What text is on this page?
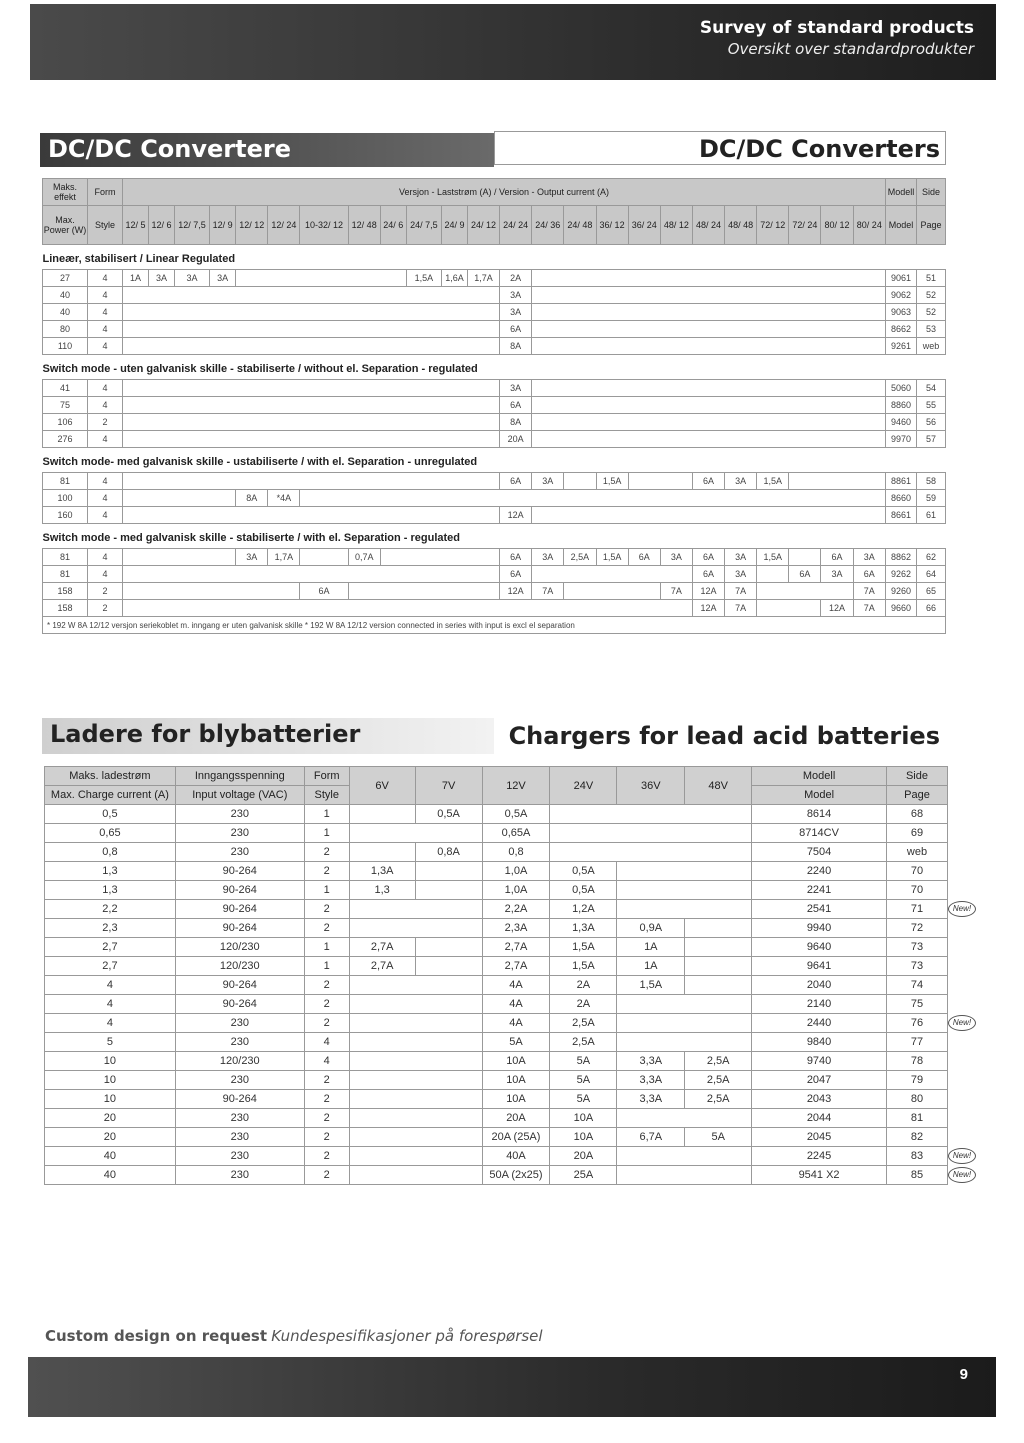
Survey of standard products
Oversikt over standardprodukter
DC/DC Convertere	DC/DC Converters
Maks. effekt	Form	Versjon - Laststrøm (A) / Version - Output current (A)																								Modell	Side
Max. Power (W)	Style	12/ 5	12/ 6	12/ 7,5	12/ 9	12/ 12	12/ 24	10-32/ 12	12/ 48	24/ 6	24/ 7,5	24/ 9	24/ 12	24/ 24	24/ 36	24/ 48	36/ 12	36/ 24	48/ 12	48/ 24	48/ 48	72/ 12	72/ 24	80/ 12	80/ 24	Model	Page
Lineær, stabilisert / Linear Regulated																											
27	4	1A	3A	3A	3A						1,5A	1,6A	1,7A	2A												9061	51
40	4													3A												9062	52
40	4													3A												9063	52
80	4													6A												8662	53
110	4													8A												9261	web
Switch mode - uten galvanisk skille - stabiliserte / without el. Separation - regulated																											
41	4													3A												5060	54
75	4													6A												8860	55
106	2													8A												9460	56
276	4													20A												9970	57
Switch mode- med galvanisk skille - ustabiliserte / with el. Separation - unregulated																											
81	4													6A	3A		1,5A			6A	3A	1,5A				8861	58
100	4					8A	*4A																			8660	59
160	4													12A												8661	61
Switch mode - med galvanisk skille - stabiliserte / with el. Separation - regulated																											
81	4					3A	1,7A		0,7A					6A	3A	2,5A	1,5A	6A	3A	6A	3A	1,5A		6A	3A	8862	62
81	4													6A						6A	3A		6A	3A	6A	9262	64
158	2							6A						12A	7A				7A	12A	7A				7A	9260	65
158	2																			12A	7A			12A	7A	9660	66
* 192 W 8A 12/12 versjon seriekoblet m. inngang er uten galvanisk skille * 192 W 8A 12/12 version connected in series with input is excl el separation																											
Ladere for blybatterier	Chargers for lead acid batteries
Maks. ladestrøm	Inngangsspenning	Form	6V	7V	12V	24V	36V	48V	Modell	Side
Max. Charge current (A)	Input voltage (VAC)	Style							Model	Page
0,5	230	1		0,5A	0,5A				8614	68
0,65	230	1			0,65A				8714CV	69
0,8	230	2		0,8A	0,8				7504	web
1,3	90-264	2	1,3A		1,0A	0,5A			2240	70
1,3	90-264	1	1,3		1,0A	0,5A			2241	70
2,2	90-264	2			2,2A	1,2A			2541	71
2,3	90-264	2			2,3A	1,3A	0,9A		9940	72
2,7	120/230	1	2,7A		2,7A	1,5A	1A		9640	73
2,7	120/230	1	2,7A		2,7A	1,5A	1A		9641	73
4	90-264	2			4A	2A	1,5A		2040	74
4	90-264	2			4A	2A			2140	75
4	230	2			4A	2,5A			2440	76
5	230	4			5A	2,5A			9840	77
10	120/230	4			10A	5A	3,3A	2,5A	9740	78
10	230	2			10A	5A	3,3A	2,5A	2047	79
10	90-264	2			10A	5A	3,3A	2,5A	2043	80
20	230	2			20A	10A			2044	81
20	230	2			20A (25A)	10A	6,7A	5A	2045	82
40	230	2			40A	20A			2245	83
40	230	2			50A (2x25)	25A			9541 X2	85
New!
New!
New!
New!
Custom design on request Kundespesifikasjoner på forespørsel
9
